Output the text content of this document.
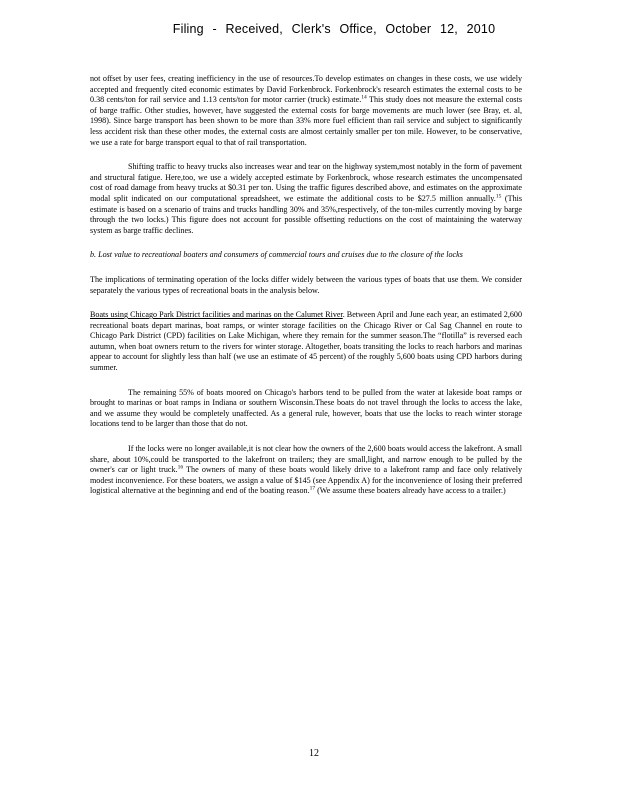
Filing - Received, Clerk's Office, October 12, 2010

not offset by user fees, creating inefficiency in the use of resources.To develop estimates on changes in these costs, we use widely accepted and frequently cited economic estimates by David Forkenbrock. Forkenbrock's research estimates the external costs to be 0.38 cents/ton for rail service and 1.13 cents/ton for motor carrier (truck) estimate.$^{14}$ This study does not measure the external costs of barge traffic. Other studies, however, have suggested the external costs for barge movements are much lower (see Bray, et. al, 1998). Since barge transport has been shown to be more than 33% more fuel efficient than rail service and subject to significantly less accident risk than these other modes, the external costs are almost certainly smaller per ton mile. However, to be conservative, we use a rate for barge transport equal to that of rail transportation.

Shifting traffic to heavy trucks also increases wear and tear on the highway system,most notably in the form of pavement and structural fatigue. Here,too, we use a widely accepted estimate by Forkenbrock, whose research estimates the uncompensated cost of road damage from heavy trucks at $0.31 per ton. Using the traffic figures described above, and estimates on the approximate modal split indicated on our computational spreadsheet, we estimate the additional costs to be $27.5 million annually.$^{15}$ (This estimate is based on a scenario of trains and trucks handling 30% and 35%,respectively, of the ton-miles currently moving by barge through the two locks.) This figure does not account for possible offsetting reductions on the cost of maintaining the waterway system as barge traffic declines.

b. Lost value to recreational boaters and consumers of commercial tours and cruises due to the closure of the locks

The implications of terminating operation of the locks differ widely between the various types of boats that use them. We consider separately the various types of recreational boats in the analysis below.

Boats using Chicago Park District facilities and marinas on the Calumet River. Between April and June each year, an estimated 2,600 recreational boats depart marinas, boat ramps, or winter storage facilities on the Chicago River or Cal Sag Channel en route to Chicago Park District (CPD) facilities on Lake Michigan, where they remain for the summer season.The “flotilla” is reversed each autumn, when boat owners return to the rivers for winter storage. Altogether, boats transiting the locks to reach harbors and marinas appear to account for slightly less than half (we use an estimate of 45 percent) of the roughly 5,600 boats using CPD harbors during summer.

The remaining 55% of boats moored on Chicago's harbors tend to be pulled from the water at lakeside boat ramps or brought to marinas or boat ramps in Indiana or southern Wisconsin.These boats do not travel through the locks to access the lake, and we assume they would be completely unaffected. As a general rule, however, boats that use the locks to reach winter storage locations tend to be larger than those that do not.

If the locks were no longer available,it is not clear how the owners of the 2,600 boats would access the lakefront. A small share, about 10%,could be transported to the lakefront on trailers; they are small,light, and narrow enough to be pulled by the owner's car or light truck.$^{16}$ The owners of many of these boats would likely drive to a lakefront ramp and face only relatively modest inconvenience. For these boaters, we assign a value of $145 (see Appendix A) for the inconvenience of losing their preferred logistical alternative at the beginning and end of the boating reason.$^{17}$ (We assume these boaters already have access to a trailer.)

12
